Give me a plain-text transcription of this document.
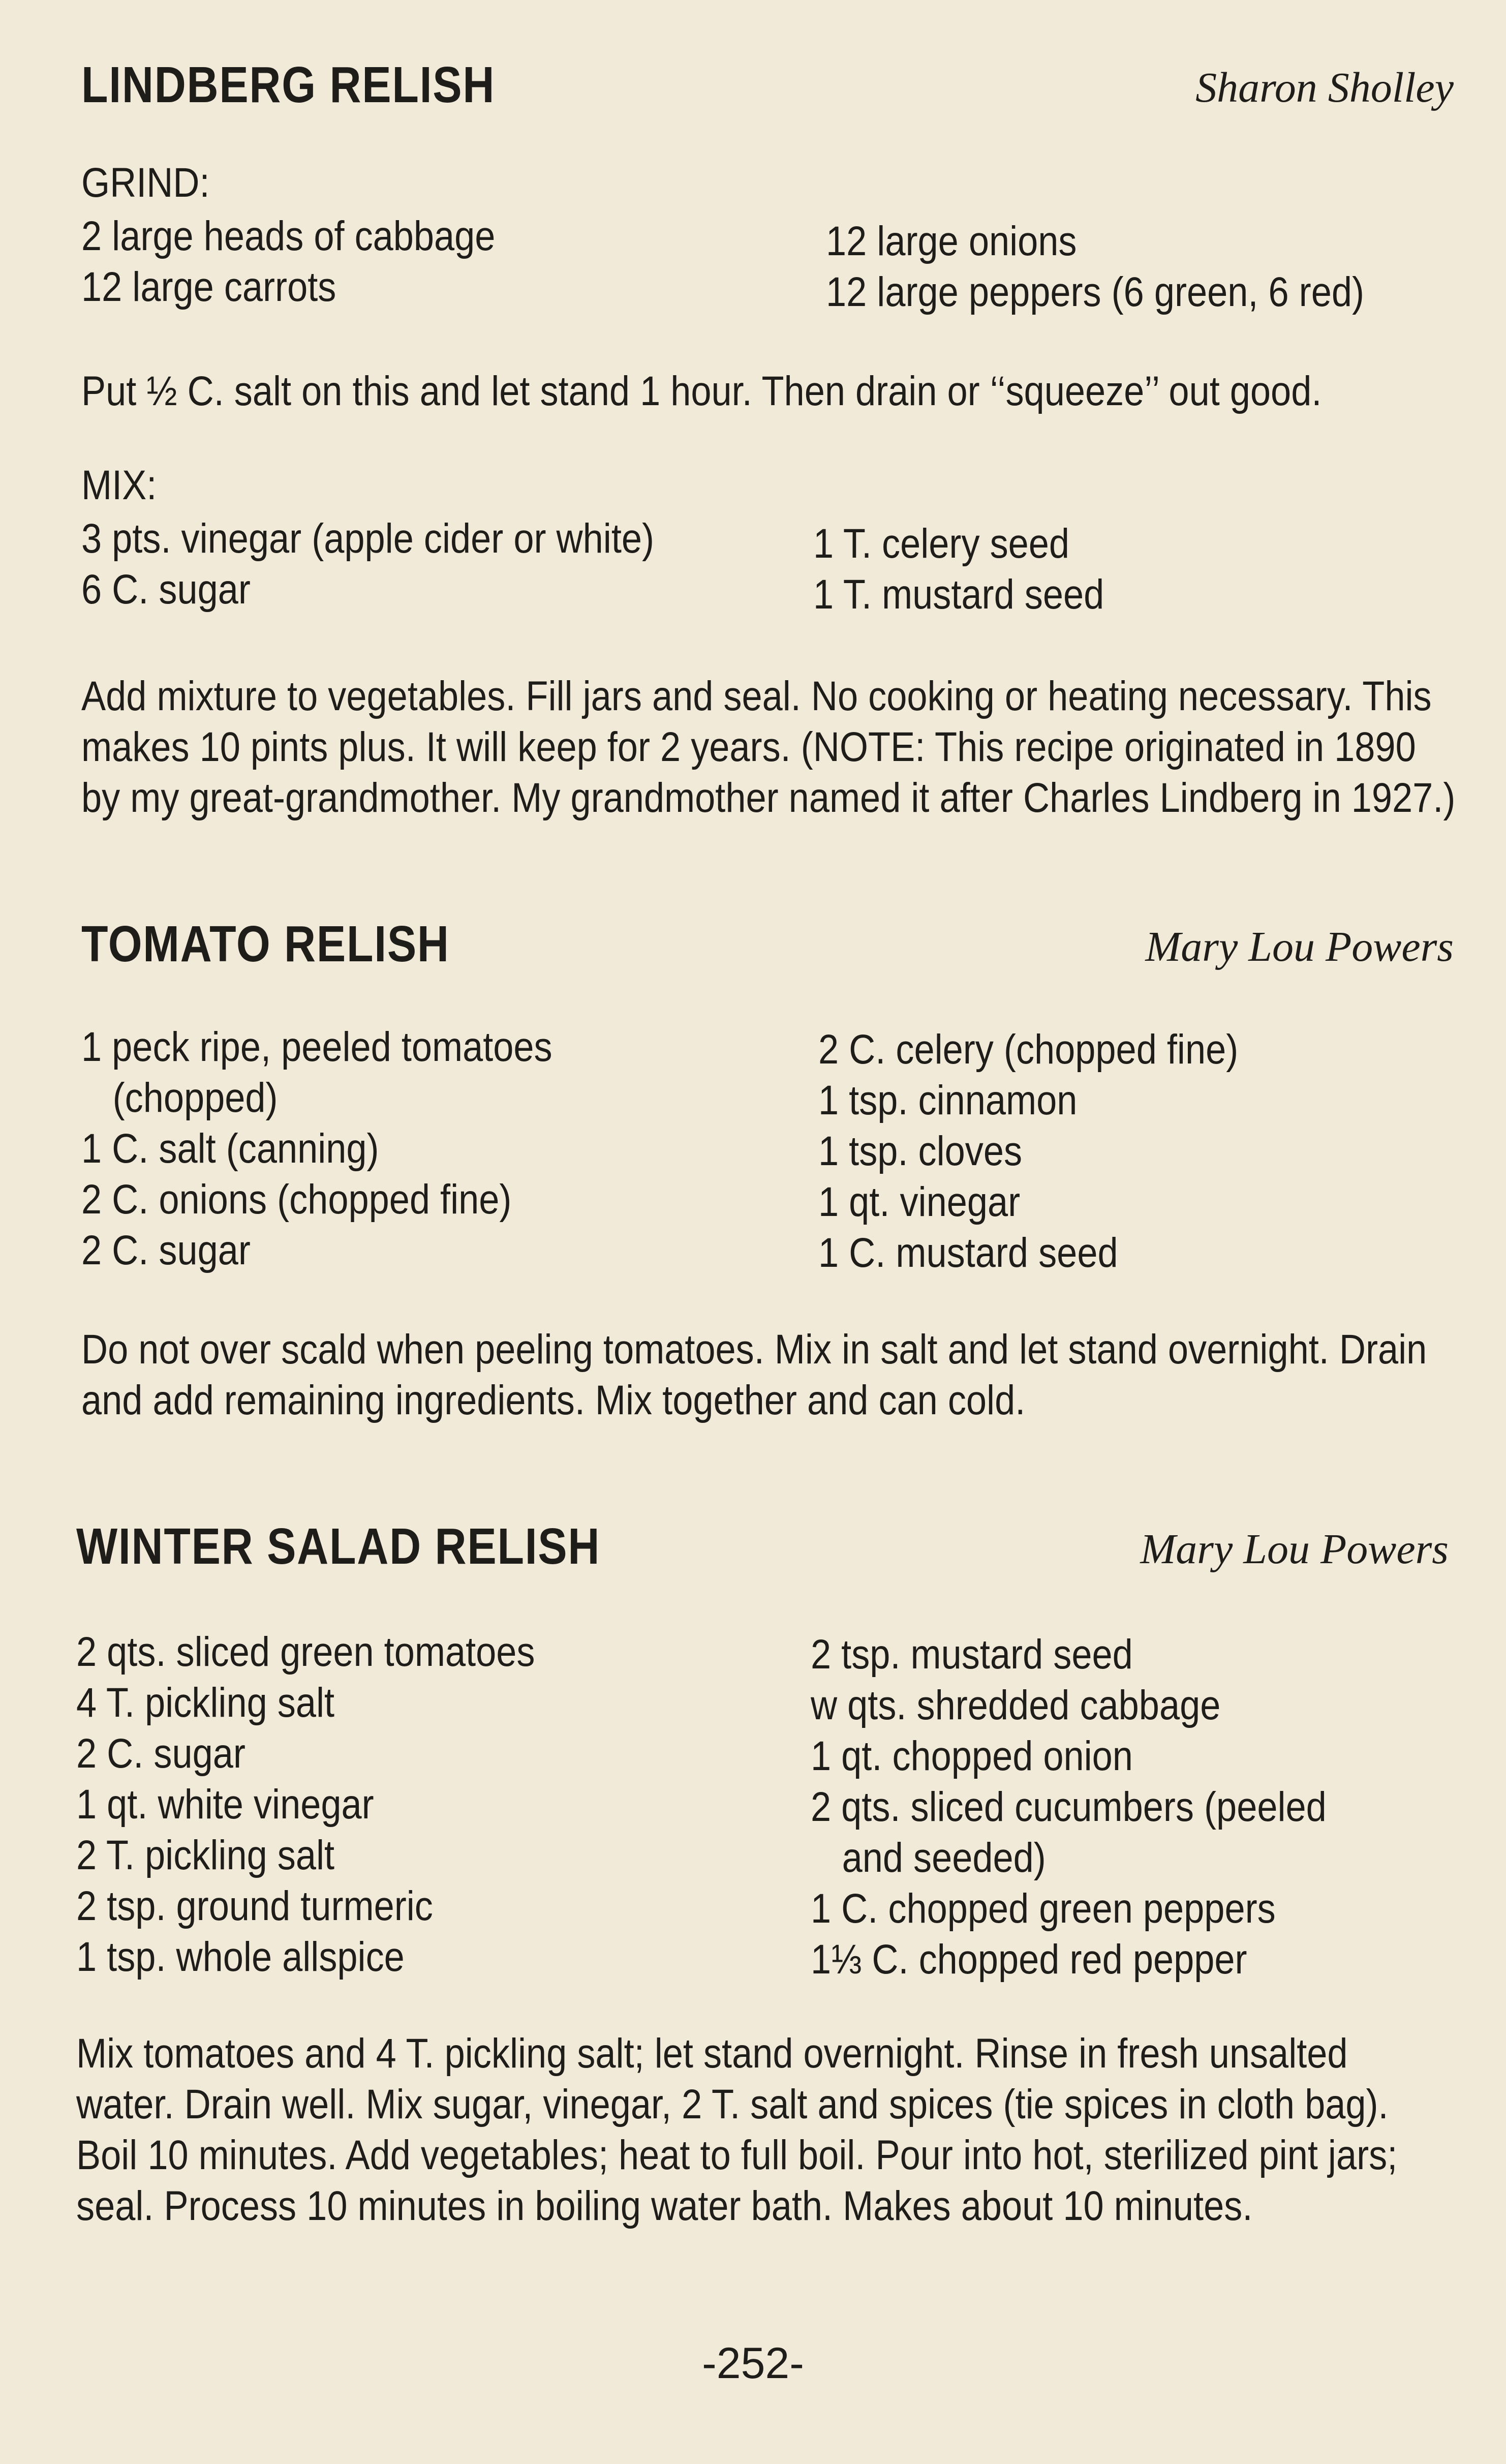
LINDBERG RELISH	Sharon Sholley
GRIND:
2 large heads of cabbage
12 large carrots
12 large onions
12 large peppers (6 green, 6 red)
Put ½ C. salt on this and let stand 1 hour. Then drain or ‘‘squeeze’’ out good.
MIX:
3 pts. vinegar (apple cider or white)
6 C. sugar
1 T. celery seed
1 T. mustard seed
Add mixture to vegetables. Fill jars and seal. No cooking or heating necessary. This
makes 10 pints plus. It will keep for 2 years. (NOTE: This recipe originated in 1890
by my great-grandmother. My grandmother named it after Charles Lindberg in 1927.)
TOMATO RELISH	Mary Lou Powers
1 peck ripe, peeled tomatoes
(chopped)
1 C. salt (canning)
2 C. onions (chopped fine)
2 C. sugar
2 C. celery (chopped fine)
1 tsp. cinnamon
1 tsp. cloves
1 qt. vinegar
1 C. mustard seed
Do not over scald when peeling tomatoes. Mix in salt and let stand overnight. Drain
and add remaining ingredients. Mix together and can cold.
WINTER SALAD RELISH	Mary Lou Powers
2 qts. sliced green tomatoes
4 T. pickling salt
2 C. sugar
1 qt. white vinegar
2 T. pickling salt
2 tsp. ground turmeric
1 tsp. whole allspice
2 tsp. mustard seed
w qts. shredded cabbage
1 qt. chopped onion
2 qts. sliced cucumbers (peeled
and seeded)
1 C. chopped green peppers
1⅓ C. chopped red pepper
Mix tomatoes and 4 T. pickling salt; let stand overnight. Rinse in fresh unsalted
water. Drain well. Mix sugar, vinegar, 2 T. salt and spices (tie spices in cloth bag).
Boil 10 minutes. Add vegetables; heat to full boil. Pour into hot, sterilized pint jars;
seal. Process 10 minutes in boiling water bath. Makes about 10 minutes.
-252-
